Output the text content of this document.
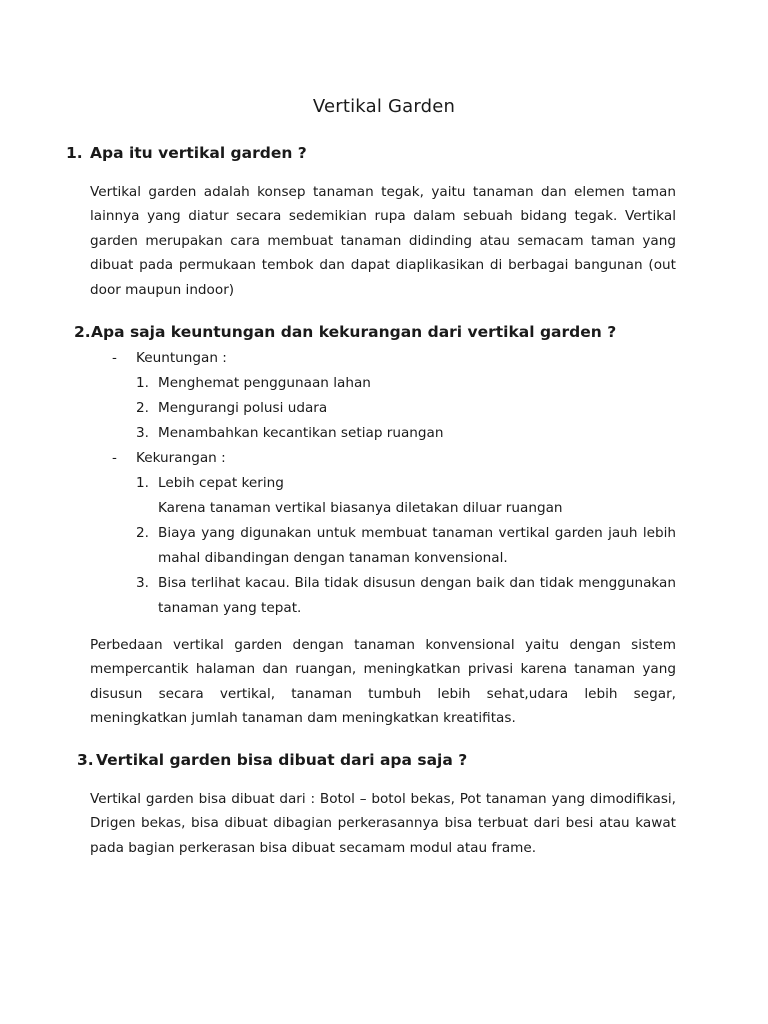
Vertikal Garden
1. Apa itu vertikal garden ?
Vertikal garden adalah konsep tanaman tegak, yaitu tanaman dan elemen taman lainnya yang diatur secara sedemikian rupa dalam sebuah bidang tegak. Vertikal garden merupakan cara membuat tanaman didinding atau semacam taman yang dibuat pada permukaan tembok dan dapat diaplikasikan di berbagai bangunan (out door maupun indoor)
2.Apa saja keuntungan dan kekurangan dari vertikal garden ?
- Keuntungan :
1. Menghemat penggunaan lahan
2. Mengurangi polusi udara
3. Menambahkan kecantikan setiap ruangan
- Kekurangan :
1. Lebih cepat kering
Karena tanaman vertikal biasanya diletakan diluar ruangan
2. Biaya yang digunakan untuk membuat tanaman vertikal garden jauh lebih mahal dibandingan dengan tanaman konvensional.
3. Bisa terlihat kacau. Bila tidak disusun dengan baik dan tidak menggunakan tanaman yang tepat.
Perbedaan vertikal garden dengan tanaman konvensional yaitu dengan sistem mempercantik halaman dan ruangan, meningkatkan privasi karena tanaman yang disusun secara vertikal, tanaman tumbuh lebih sehat,udara lebih segar, meningkatkan jumlah tanaman dam meningkatkan kreatifitas.
3. Vertikal garden bisa dibuat dari apa saja ?
Vertikal garden bisa dibuat dari : Botol – botol bekas, Pot tanaman yang dimodifikasi, Drigen bekas, bisa dibuat dibagian perkerasannya bisa terbuat dari besi atau kawat pada bagian perkerasan bisa dibuat secamam modul atau frame.
